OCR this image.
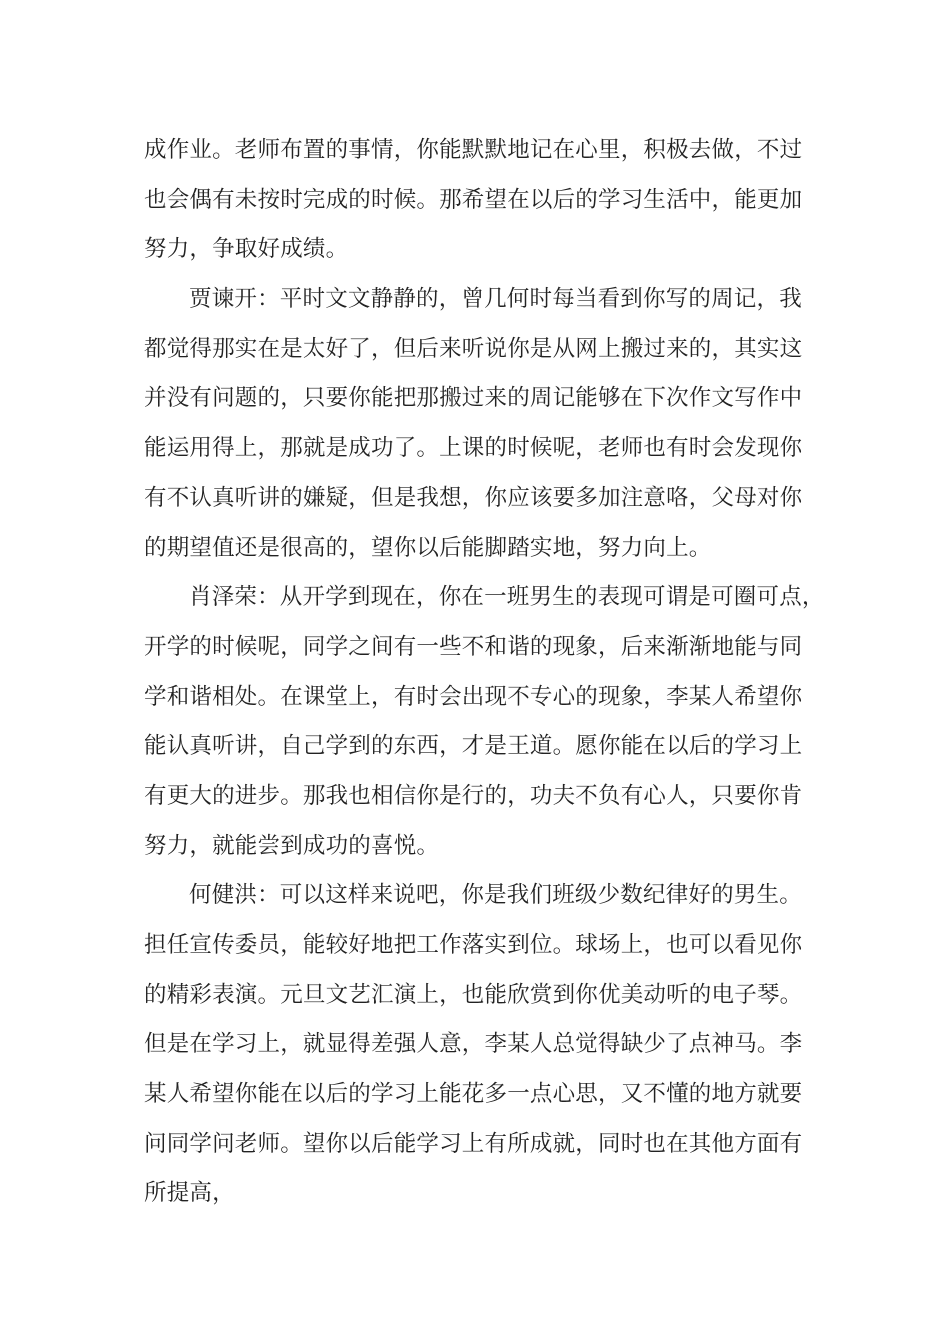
成作业。老师布置的事情，你能默默地记在心里，积极去做，不过
也会偶有未按时完成的时候。那希望在以后的学习生活中，能更加
努力，争取好成绩。
贾谏开：平时文文静静的，曾几何时每当看到你写的周记，我
都觉得那实在是太好了，但后来听说你是从网上搬过来的，其实这
并没有问题的，只要你能把那搬过来的周记能够在下次作文写作中
能运用得上，那就是成功了。上课的时候呢，老师也有时会发现你
有不认真听讲的嫌疑，但是我想，你应该要多加注意咯，父母对你
的期望值还是很高的，望你以后能脚踏实地，努力向上。
肖泽荣：从开学到现在，你在一班男生的表现可谓是可圈可点，
开学的时候呢，同学之间有一些不和谐的现象，后来渐渐地能与同
学和谐相处。在课堂上，有时会出现不专心的现象，李某人希望你
能认真听讲，自己学到的东西，才是王道。愿你能在以后的学习上
有更大的进步。那我也相信你是行的，功夫不负有心人，只要你肯
努力，就能尝到成功的喜悦。
何健洪：可以这样来说吧，你是我们班级少数纪律好的男生。
担任宣传委员，能较好地把工作落实到位。球场上，也可以看见你
的精彩表演。元旦文艺汇演上，也能欣赏到你优美动听的电子琴。
但是在学习上，就显得差强人意，李某人总觉得缺少了点神马。李
某人希望你能在以后的学习上能花多一点心思，又不懂的地方就要
问同学问老师。望你以后能学习上有所成就，同时也在其他方面有
所提高，
